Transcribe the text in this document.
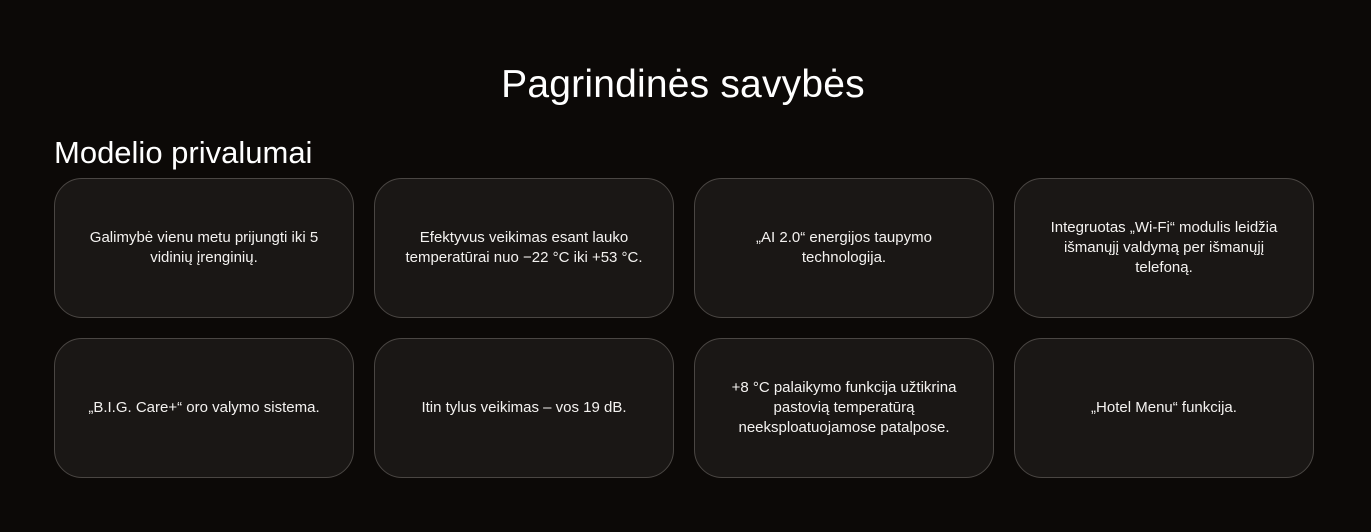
Pagrindinės savybės
Modelio privalumai
Galimybė vienu metu prijungti iki 5 vidinių įrenginių.
Efektyvus veikimas esant lauko temperatūrai nuo −22 °C iki +53 °C.
„AI 2.0“ energijos taupymo technologija.
Integruotas „Wi-Fi“ modulis leidžia išmanųjį valdymą per išmanųjį telefoną.
„B.I.G. Care+“ oro valymo sistema.	Itin tylus veikimas – vos 19 dB.
+8 °C palaikymo funkcija užtikrina pastovią temperatūrą neeksploatuojamose patalpose.
„Hotel Menu“ funkcija.
